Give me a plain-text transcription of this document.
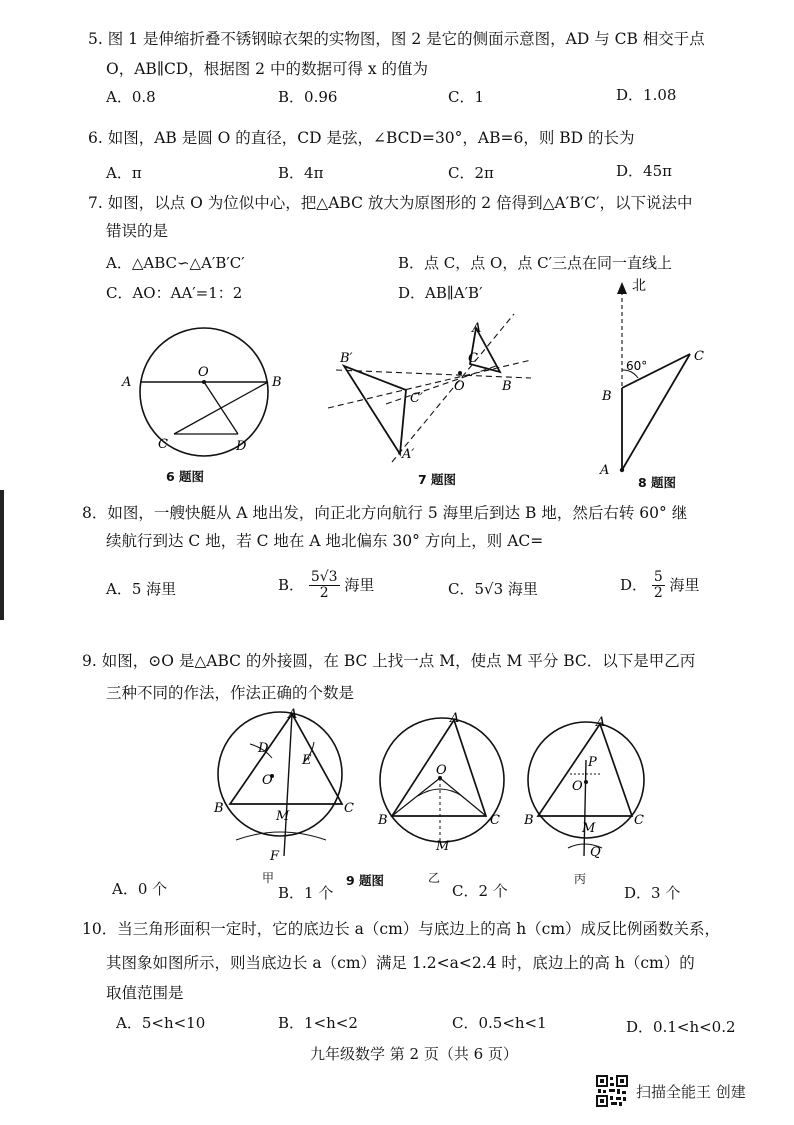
5. 图 1 是伸缩折叠不锈钢晾衣架的实物图，图 2 是它的侧面示意图，AD 与 CB 相交于点
O，AB∥CD，根据图 2 中的数据可得 x 的值为
A．0.8	B．0.96	C．1	D．1.08
6. 如图，AB 是圆 O 的直径，CD 是弦，∠BCD=30°，AB=6，则 BD 的长为
A．π	B．4π	C．2π	D．45π
7. 如图，以点 O 为位似中心，把△ABC 放大为原图形的 2 倍得到△A′B′C′，以下说法中
错误的是
A．△ABC∽△A′B′C′	B．点 C，点 O，点 C′三点在同一直线上
C．AO：AA′=1：2	D．AB∥A′B′
A	B
O
C	D
6 题图
B′
C′
A′
O
A
C
B
7 题图
A
B
C
60°
北
8 题图
8．如图，一艘快艇从 A 地出发，向正北方向航行 5 海里后到达 B 地，然后右转 60° 继
续航行到达 C 地，若 C 地在 A 地北偏东 30° 方向上，则 AC=
A．5 海里	B． $\frac{5√3}{2}$ 海里	C．5√3 海里	D． $\frac{5}{2}$ 海里
9. 如图，⊙O 是△ABC 的外接圆，在 BC 上找一点 M，使点 M 平分 BC．以下是甲乙丙
三种不同的作法，作法正确的个数是
A
B	C
D
E
O
M
F
A
B	C
O
M
A
B	C
P
O
M
Q
甲	9 题图	乙	丙
A．0 个	B．1 个	C．2 个	D．3 个
10．当三角形面积一定时，它的底边长 a（cm）与底边上的高 h（cm）成反比例函数关系，
其图象如图所示，则当底边长 a（cm）满足 1.2<a<2.4 时，底边上的高 h（cm）的
取值范围是
A．5<h<10	B．1<h<2	C．0.5<h<1	D．0.1<h<0.2
九年级数学 第 2 页（共 6 页）
扫描全能王 创建
